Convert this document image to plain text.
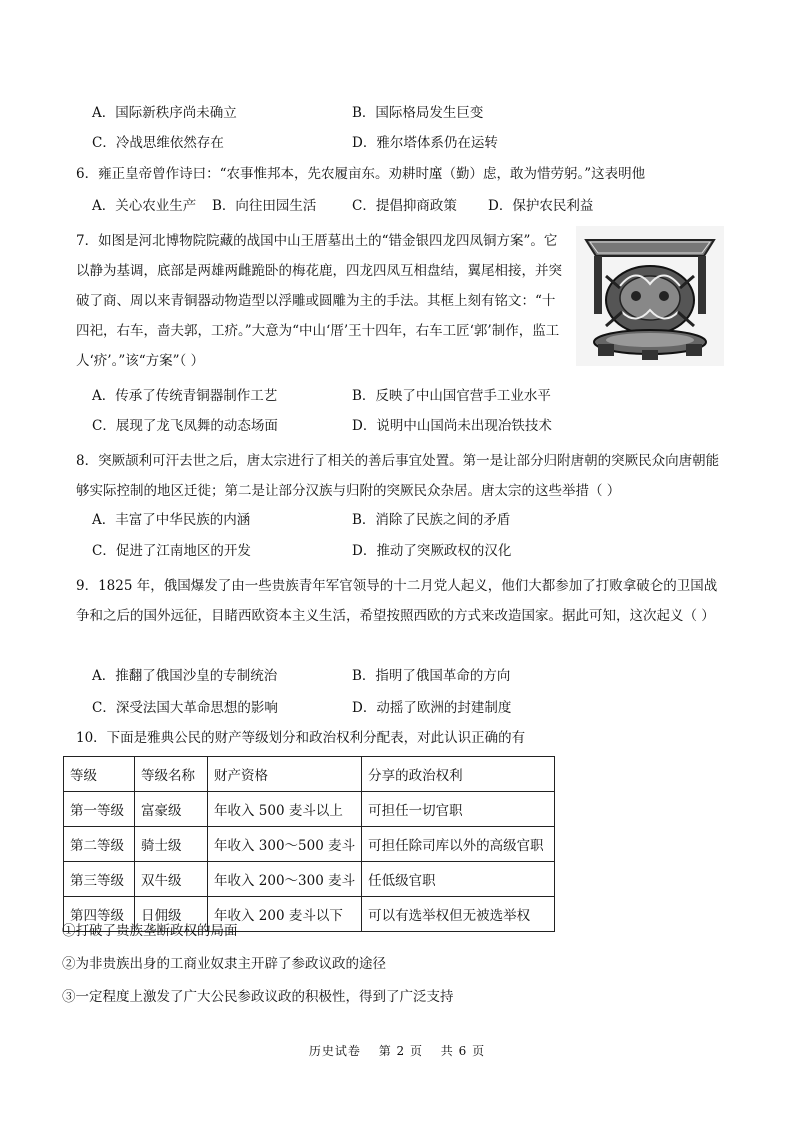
A．国际新秩序尚未确立	B．国际格局发生巨变
C．冷战思维依然存在	D．雅尔塔体系仍在运转
6．雍正皇帝曾作诗曰：“农事惟邦本，先农履亩东。劝耕时廑（勤）虑，敢为惜劳躬。”这表明他
A．关心农业生产 B．向往田园生活	C．提倡抑商政策 D．保护农民利益
7．如图是河北博物院院藏的战国中山王厝墓出土的“错金银四龙四凤铜方案”。它以静为基调，底部是两雄两雌跪卧的梅花鹿，四龙四凤互相盘结，翼尾相接，并突破了商、周以来青铜器动物造型以浮雕或圆雕为主的手法。其框上刻有铭文：“十四祀，右车，啬夫郭，工疥。”大意为“中山‘厝’王十四年，右车工匠‘郭’制作，监工人‘疥’。”该“方案”（ ）
A．传承了传统青铜器制作工艺	B．反映了中山国官营手工业水平
C．展现了龙飞凤舞的动态场面	D．说明中山国尚未出现冶铁技术
8．突厥颉利可汗去世之后，唐太宗进行了相关的善后事宜处置。第一是让部分归附唐朝的突厥民众向唐朝能够实际控制的地区迁徙；第二是让部分汉族与归附的突厥民众杂居。唐太宗的这些举措（ ）
A．丰富了中华民族的内涵	B．消除了民族之间的矛盾
C．促进了江南地区的开发	D．推动了突厥政权的汉化
9．1825 年，俄国爆发了由一些贵族青年军官领导的十二月党人起义，他们大都参加了打败拿破仑的卫国战争和之后的国外远征，目睹西欧资本主义生活，希望按照西欧的方式来改造国家。据此可知，这次起义（ ）
A．推翻了俄国沙皇的专制统治	B．指明了俄国革命的方向
C．深受法国大革命思想的影响	D．动摇了欧洲的封建制度
10．下面是雅典公民的财产等级划分和政治权利分配表，对此认识正确的有
等级	等级名称	财产资格	分享的政治权利
第一等级	富豪级	年收入 500 麦斗以上	可担任一切官职
第二等级	骑士级	年收入 300～500 麦斗	可担任除司库以外的高级官职
第三等级	双牛级	年收入 200～300 麦斗	任低级官职
第四等级	日佣级	年收入 200 麦斗以下	可以有选举权但无被选举权
①打破了贵族垄断政权的局面
②为非贵族出身的工商业奴隶主开辟了参政议政的途径
③一定程度上激发了广大公民参政议政的积极性，得到了广泛支持
历史试卷　 第 2 页　 共 6 页
